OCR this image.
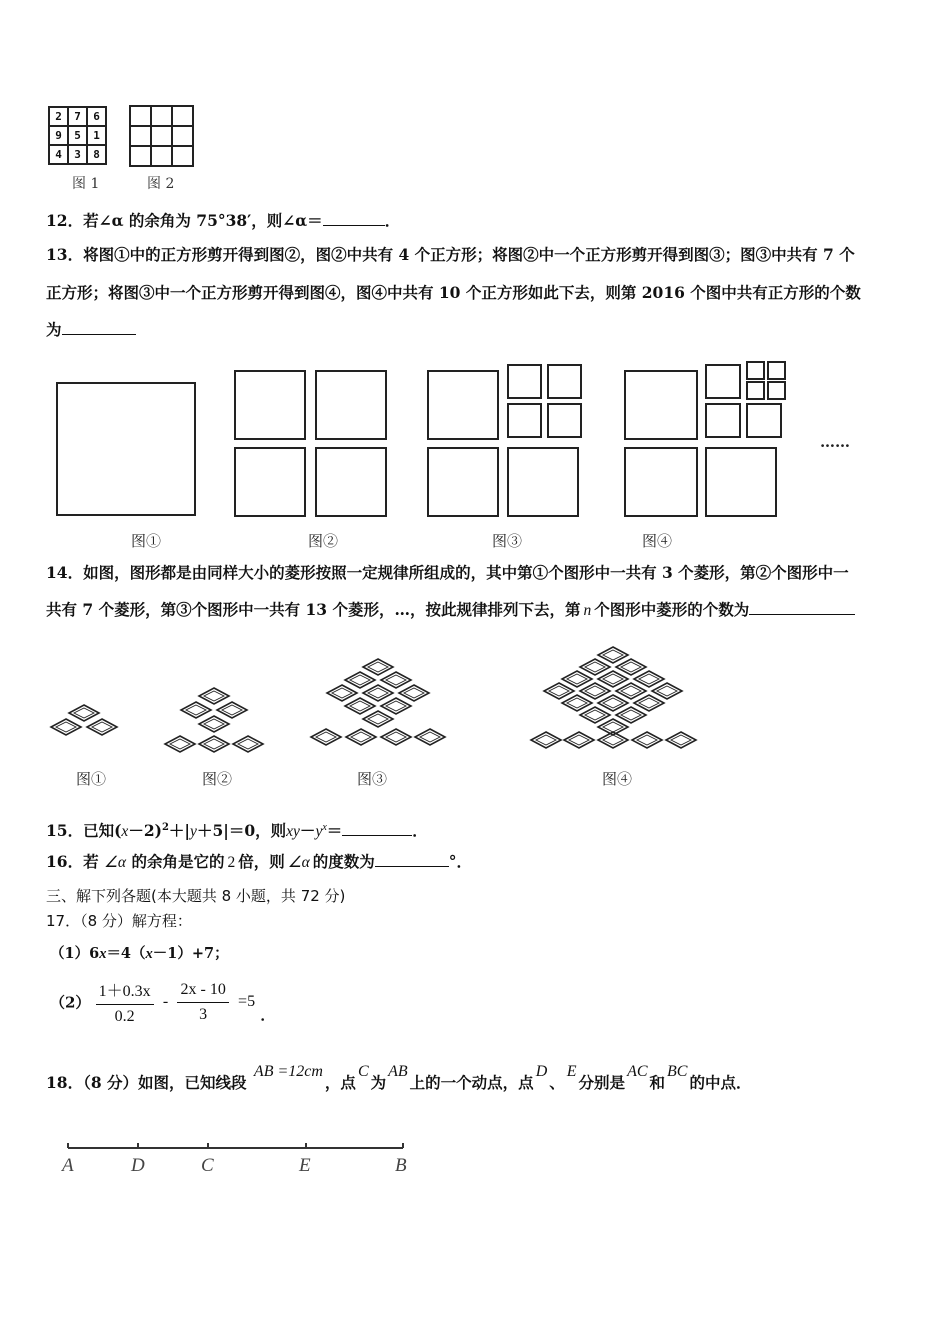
2	7	6
9	5	1
4	3	8

图 1	图 2
12．若∠α 的余角为 75°38′，则∠α＝	．
13．将图①中的正方形剪开得到图②，图②中共有 4 个正方形；将图②中一个正方形剪开得到图③；图③中共有 7 个
正方形；将图③中一个正方形剪开得到图④，图④中共有 10 个正方形如此下去，则第 2016 个图中共有正方形的个数
为
……
图①	图②	图③	图④
14．如图，图形都是由同样大小的菱形按照一定规律所组成的，其中第①个图形中一共有 3 个菱形，第②个图形中一
共有 7 个菱形，第③个图形中一共有 13 个菱形，…，按此规律排列下去，第 n 个图形中菱形的个数为
图①	图②	图③	图④
15．已知$(x-2)^2+|y+5|=0$，则$xy-y^x=$	．
16．若 ∠α 的余角是它的 2 倍，则 ∠α 的度数为	°．
三、解下列各题(本大题共 8 小题，共 72 分)
17．（8 分）解方程：
（1）6x＝4（x－1）+7；
$(2) \frac{1+0.3x}{0.2} - \frac{2x - 10}{3} =5$ ．
18．（8 分）如图，已知线段 AB =12cm，点C为AB上的一个动点，点D、E分别是AC和BC的中点．
A	D	C	E	B
